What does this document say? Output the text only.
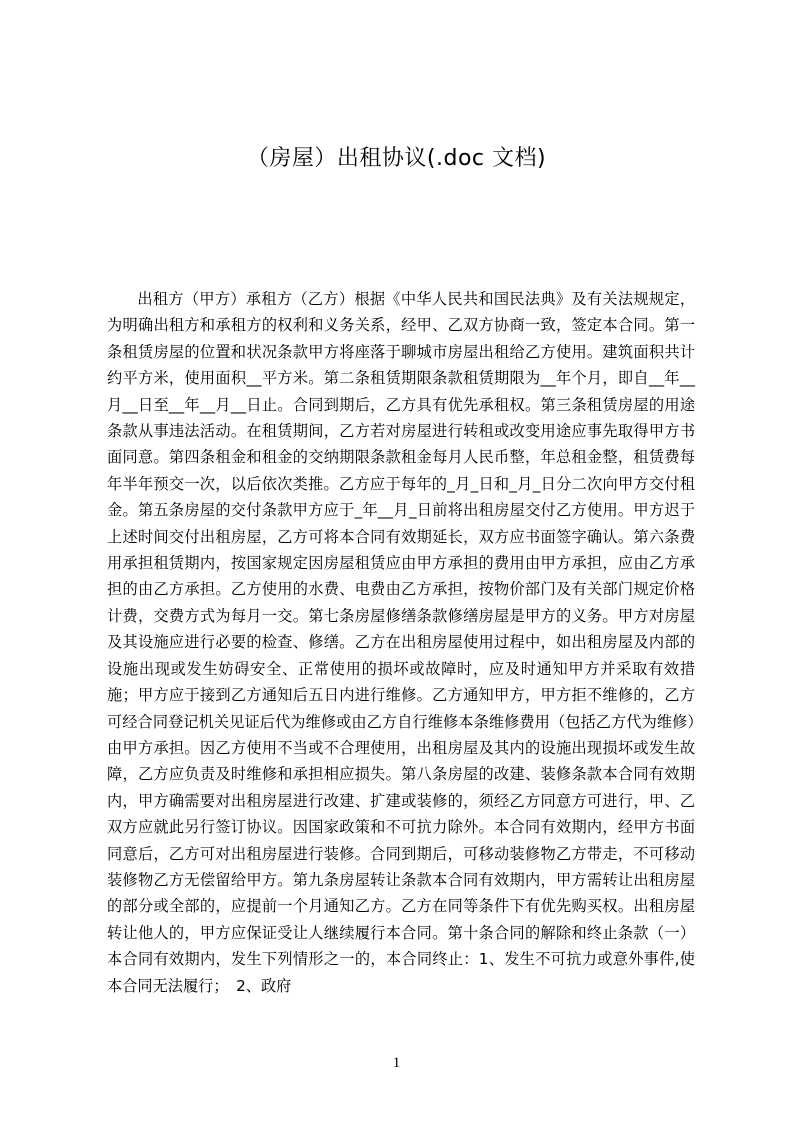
（房屋）出租协议(.doc 文档)

出租方（甲方）承租方（乙方）根据《中华人民共和国民法典》及有关法规规定，为明确出租方和承租方的权利和义务关系，经甲、乙双方协商一致，签定本合同。第一条租赁房屋的位置和状况条款甲方将座落于聊城市房屋出租给乙方使用。建筑面积共计约平方米，使用面积__平方米。第二条租赁期限条款租赁期限为__年个月，即自__年__月__日至__年__月__日止。合同到期后，乙方具有优先承租权。第三条租赁房屋的用途条款从事违法活动。在租赁期间，乙方若对房屋进行转租或改变用途应事先取得甲方书面同意。第四条租金和租金的交纳期限条款租金每月人民币整，年总租金整，租赁费每年半年预交一次，以后依次类推。乙方应于每年的_月_日和_月_日分二次向甲方交付租金。第五条房屋的交付条款甲方应于_年__月_日前将出租房屋交付乙方使用。甲方迟于上述时间交付出租房屋，乙方可将本合同有效期延长，双方应书面签字确认。第六条费用承担租赁期内，按国家规定因房屋租赁应由甲方承担的费用由甲方承担，应由乙方承担的由乙方承担。乙方使用的水费、电费由乙方承担，按物价部门及有关部门规定价格计费，交费方式为每月一交。第七条房屋修缮条款修缮房屋是甲方的义务。甲方对房屋及其设施应进行必要的检查、修缮。乙方在出租房屋使用过程中，如出租房屋及内部的设施出现或发生妨碍安全、正常使用的损坏或故障时，应及时通知甲方并采取有效措施；甲方应于接到乙方通知后五日内进行维修。乙方通知甲方，甲方拒不维修的，乙方可经合同登记机关见证后代为维修或由乙方自行维修本条维修费用（包括乙方代为维修）由甲方承担。因乙方使用不当或不合理使用，出租房屋及其内的设施出现损坏或发生故障，乙方应负责及时维修和承担相应损失。第八条房屋的改建、装修条款本合同有效期内，甲方确需要对出租房屋进行改建、扩建或装修的，须经乙方同意方可进行，甲、乙双方应就此另行签订协议。因国家政策和不可抗力除外。本合同有效期内，经甲方书面同意后，乙方可对出租房屋进行装修。合同到期后，可移动装修物乙方带走，不可移动装修物乙方无偿留给甲方。第九条房屋转让条款本合同有效期内，甲方需转让出租房屋的部分或全部的，应提前一个月通知乙方。乙方在同等条件下有优先购买权。出租房屋转让他人的，甲方应保证受让人继续履行本合同。第十条合同的解除和终止条款（一）本合同有效期内，发生下列情形之一的，本合同终止：1、发生不可抗力或意外事件,使本合同无法履行；　2、政府

1
